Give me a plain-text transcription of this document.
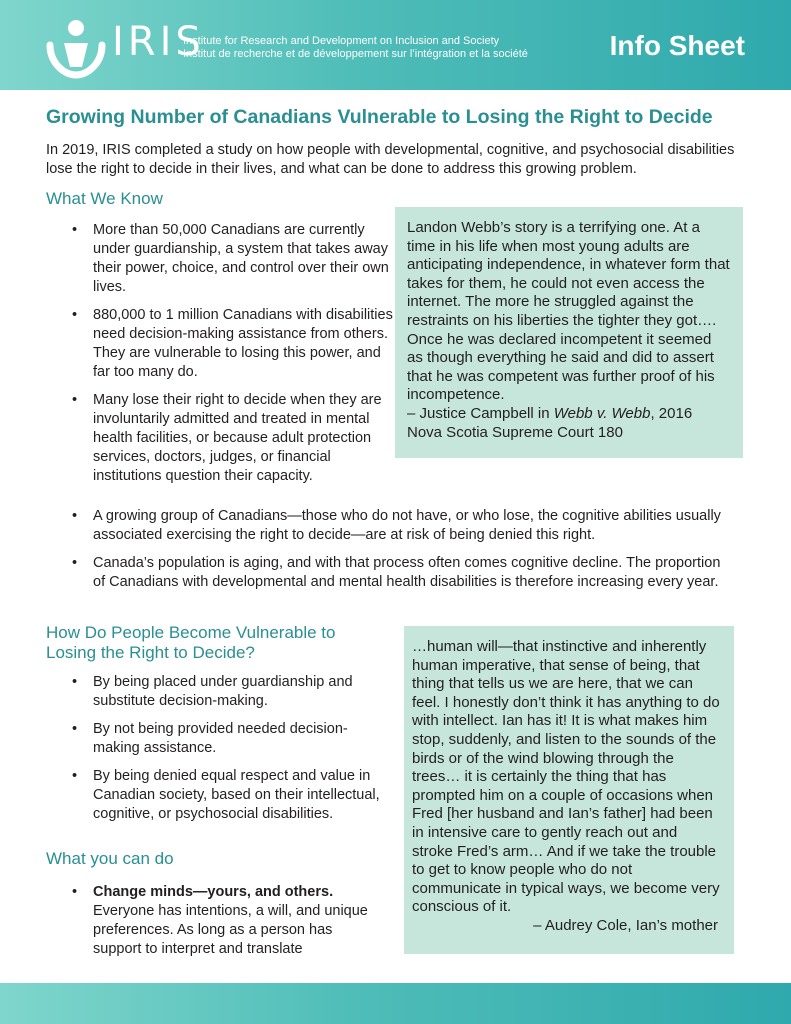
IRIS
Institute for Research and Development on Inclusion and Society
Institut de recherche et de développement sur l’intégration et la société	Info Sheet
Growing Number of Canadians Vulnerable to Losing the Right to Decide
In 2019, IRIS completed a study on how people with developmental, cognitive, and psychosocial disabilities lose the right to decide in their lives, and what can be done to address this growing problem.
What We Know
• More than 50,000 Canadians are currently under guardianship, a system that takes away their power, choice, and control over their own lives.
• 880,000 to 1 million Canadians with disabilities need decision-making assistance from others. They are vulnerable to losing this power, and far too many do.
• Many lose their right to decide when they are involuntarily admitted and treated in mental health facilities, or because adult protection services, doctors, judges, or financial institutions question their capacity.
Landon Webb’s story is a terrifying one. At a time in his life when most young adults are anticipating independence, in whatever form that takes for them, he could not even access the internet. The more he struggled against the restraints on his liberties the tighter they got…. Once he was declared incompetent it seemed as though everything he said and did to assert that he was competent was further proof of his incompetence.
– Justice Campbell in Webb v. Webb, 2016 Nova Scotia Supreme Court 180
• A growing group of Canadians—those who do not have, or who lose, the cognitive abilities usually associated exercising the right to decide—are at risk of being denied this right.
• Canada’s population is aging, and with that process often comes cognitive decline. The proportion of Canadians with developmental and mental health disabilities is therefore increasing every year.
How Do People Become Vulnerable to Losing the Right to Decide?
• By being placed under guardianship and substitute decision-making.
• By not being provided needed decision-making assistance.
• By being denied equal respect and value in Canadian society, based on their intellectual, cognitive, or psychosocial disabilities.
What you can do
• Change minds—yours, and others. Everyone has intentions, a will, and unique preferences. As long as a person has support to interpret and translate
…human will—that instinctive and inherently human imperative, that sense of being, that thing that tells us we are here, that we can feel. I honestly don’t think it has anything to do with intellect. Ian has it! It is what makes him stop, suddenly, and listen to the sounds of the birds or of the wind blowing through the trees… it is certainly the thing that has prompted him on a couple of occasions when Fred [her husband and Ian’s father] had been in intensive care to gently reach out and stroke Fred’s arm… And if we take the trouble to get to know people who do not communicate in typical ways, we become very conscious of it.
– Audrey Cole, Ian’s mother
